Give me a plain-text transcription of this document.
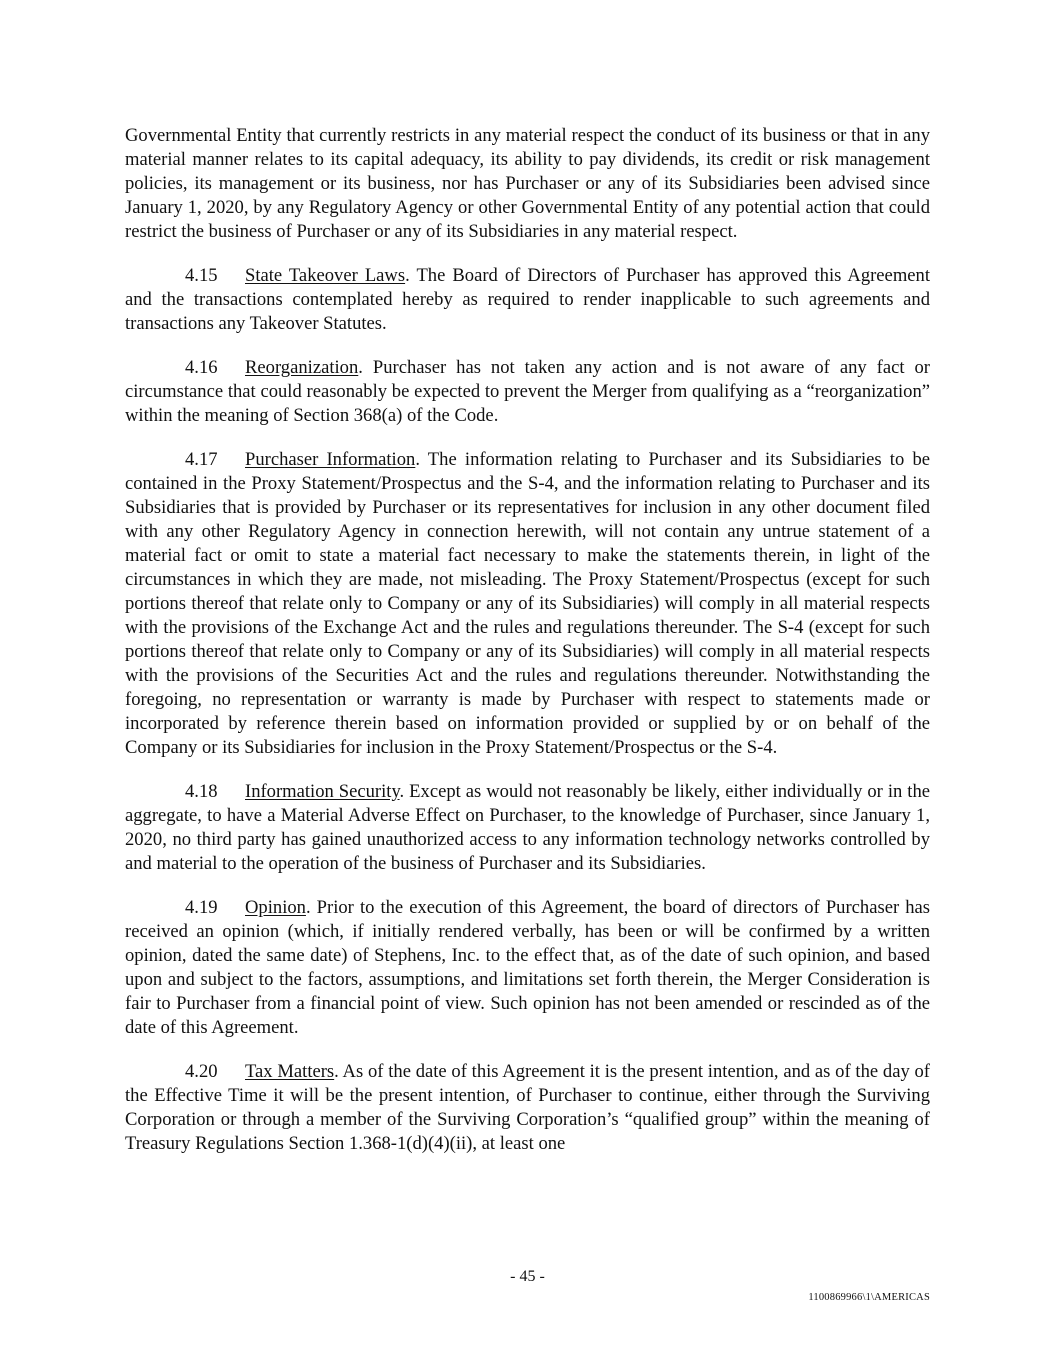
Governmental Entity that currently restricts in any material respect the conduct of its business or that in any material manner relates to its capital adequacy, its ability to pay dividends, its credit or risk management policies, its management or its business, nor has Purchaser or any of its Subsidiaries been advised since January 1, 2020, by any Regulatory Agency or other Governmental Entity of any potential action that could restrict the business of Purchaser or any of its Subsidiaries in any material respect.

4.15 State Takeover Laws. The Board of Directors of Purchaser has approved this Agreement and the transactions contemplated hereby as required to render inapplicable to such agreements and transactions any Takeover Statutes.

4.16 Reorganization. Purchaser has not taken any action and is not aware of any fact or circumstance that could reasonably be expected to prevent the Merger from qualifying as a “reorganization” within the meaning of Section 368(a) of the Code.

4.17 Purchaser Information. The information relating to Purchaser and its Subsidiaries to be contained in the Proxy Statement/Prospectus and the S-4, and the information relating to Purchaser and its Subsidiaries that is provided by Purchaser or its representatives for inclusion in any other document filed with any other Regulatory Agency in connection herewith, will not contain any untrue statement of a material fact or omit to state a material fact necessary to make the statements therein, in light of the circumstances in which they are made, not misleading. The Proxy Statement/Prospectus (except for such portions thereof that relate only to Company or any of its Subsidiaries) will comply in all material respects with the provisions of the Exchange Act and the rules and regulations thereunder. The S-4 (except for such portions thereof that relate only to Company or any of its Subsidiaries) will comply in all material respects with the provisions of the Securities Act and the rules and regulations thereunder. Notwithstanding the foregoing, no representation or warranty is made by Purchaser with respect to statements made or incorporated by reference therein based on information provided or supplied by or on behalf of the Company or its Subsidiaries for inclusion in the Proxy Statement/Prospectus or the S-4.

4.18 Information Security. Except as would not reasonably be likely, either individually or in the aggregate, to have a Material Adverse Effect on Purchaser, to the knowledge of Purchaser, since January 1, 2020, no third party has gained unauthorized access to any information technology networks controlled by and material to the operation of the business of Purchaser and its Subsidiaries.

4.19 Opinion. Prior to the execution of this Agreement, the board of directors of Purchaser has received an opinion (which, if initially rendered verbally, has been or will be confirmed by a written opinion, dated the same date) of Stephens, Inc. to the effect that, as of the date of such opinion, and based upon and subject to the factors, assumptions, and limitations set forth therein, the Merger Consideration is fair to Purchaser from a financial point of view. Such opinion has not been amended or rescinded as of the date of this Agreement.

4.20 Tax Matters. As of the date of this Agreement it is the present intention, and as of the day of the Effective Time it will be the present intention, of Purchaser to continue, either through the Surviving Corporation or through a member of the Surviving Corporation’s “qualified group” within the meaning of Treasury Regulations Section 1.368-1(d)(4)(ii), at least one

- 45 -
1100869966\1\AMERICAS
